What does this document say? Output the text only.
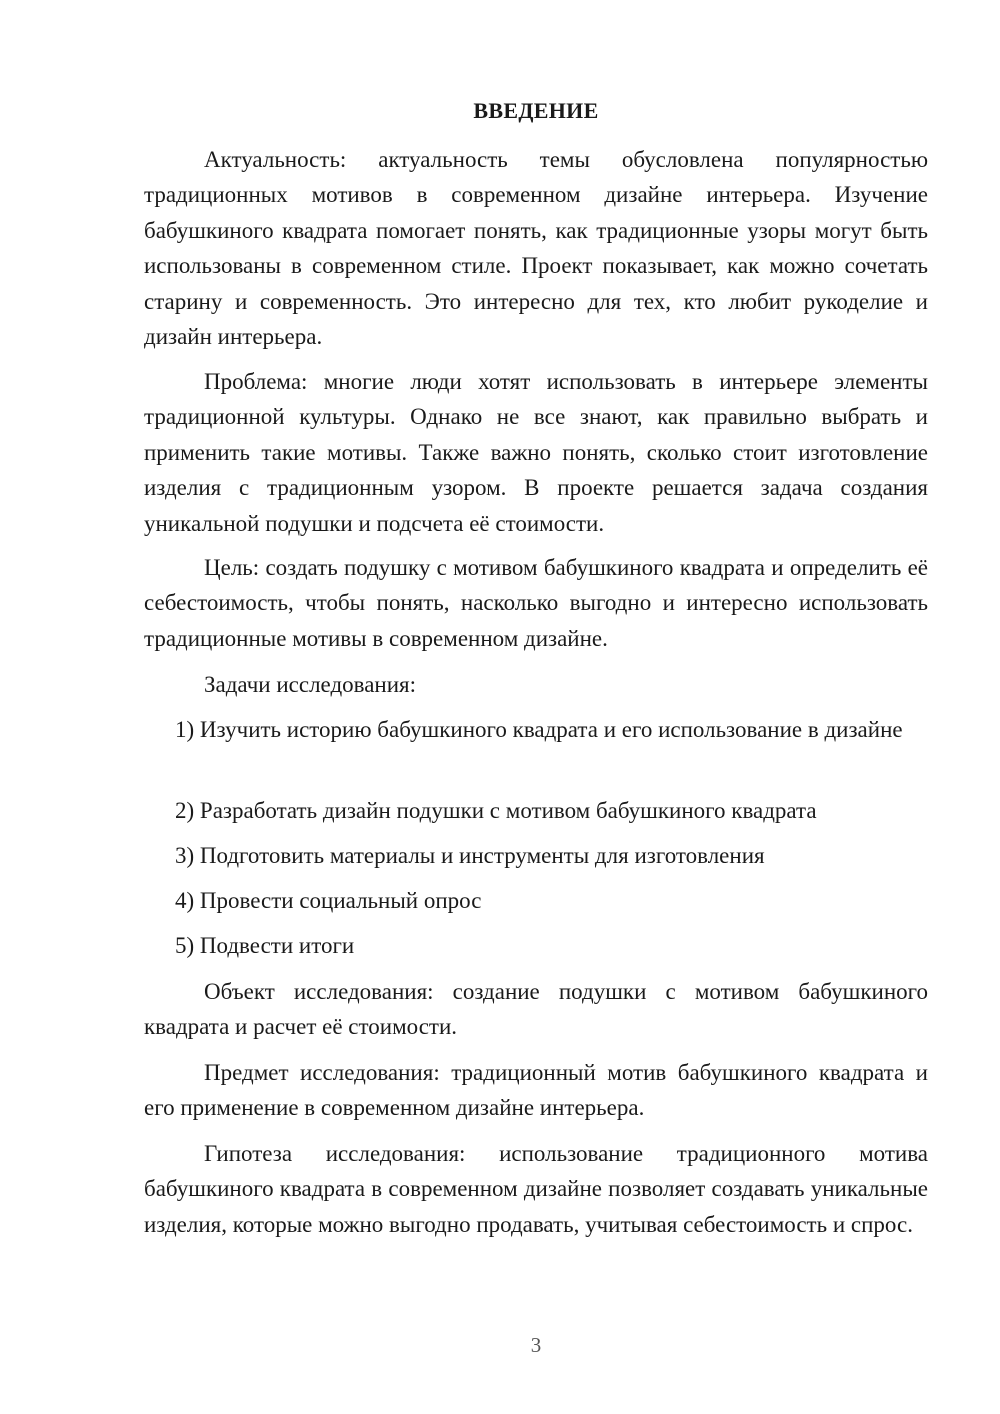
ВВЕДЕНИЕ

Актуальность: актуальность темы обусловлена популярностью традиционных мотивов в современном дизайне интерьера. Изучение бабушкиного квадрата помогает понять, как традиционные узоры могут быть использованы в современном стиле. Проект показывает, как можно сочетать старину и современность. Это интересно для тех, кто любит рукоделие и дизайн интерьера.

Проблема: многие люди хотят использовать в интерьере элементы традиционной культуры. Однако не все знают, как правильно выбрать и применить такие мотивы. Также важно понять, сколько стоит изготовление изделия с традиционным узором. В проекте решается задача создания уникальной подушки и подсчета её стоимости.

Цель: создать подушку с мотивом бабушкиного квадрата и определить её себестоимость, чтобы понять, насколько выгодно и интересно использовать традиционные мотивы в современном дизайне.

Задачи исследования:

1) Изучить историю бабушкиного квадрата и его использование в дизайне

2) Разработать дизайн подушки с мотивом бабушкиного квадрата

3) Подготовить материалы и инструменты для изготовления

4) Провести социальный опрос

5) Подвести итоги

Объект исследования: создание подушки с мотивом бабушкиного квадрата и расчет её стоимости.

Предмет исследования: традиционный мотив бабушкиного квадрата и его применение в современном дизайне интерьера.

Гипотеза исследования: использование традиционного мотива бабушкиного квадрата в современном дизайне позволяет создавать уникальные изделия, которые можно выгодно продавать, учитывая себестоимость и спрос.

3
